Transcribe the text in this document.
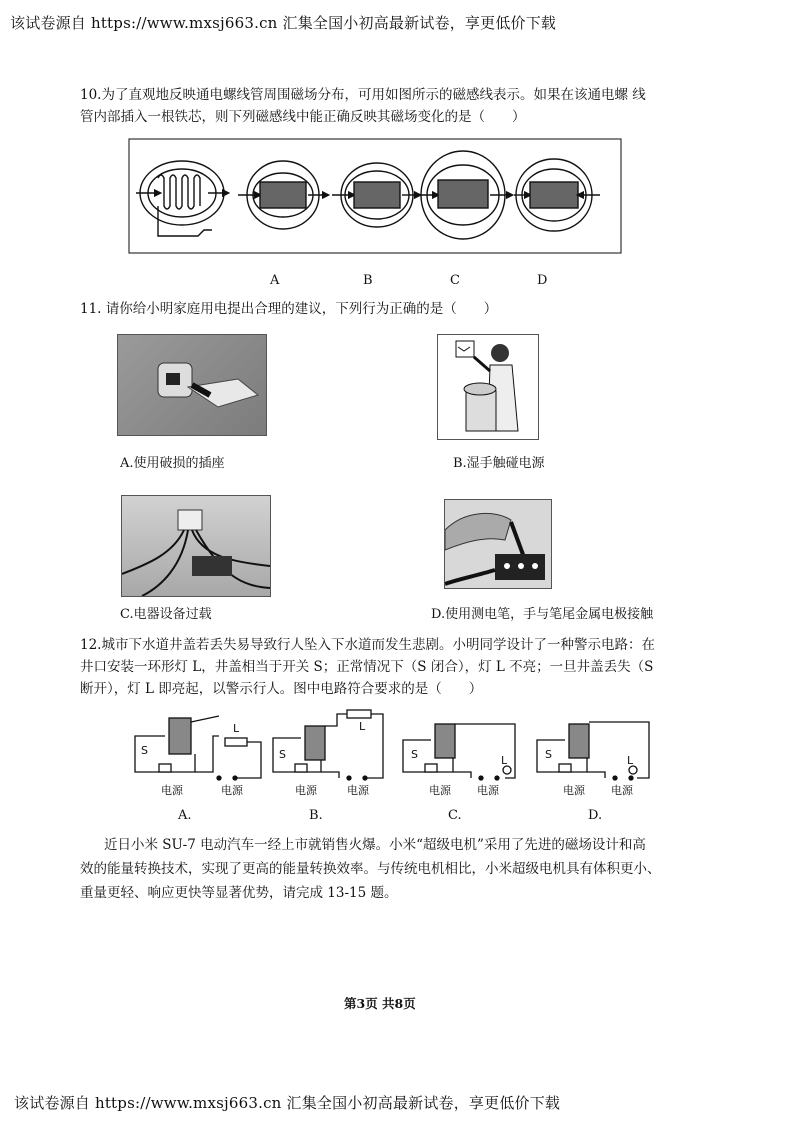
该试卷源自 https://www.mxsj663.cn 汇集全国小初高最新试卷，享更低价下载
10.为了直观地反映通电螺线管周围磁场分布，可用如图所示的磁感线表示。如果在该通电螺 线
管内部插入一根铁芯，则下列磁感线中能正确反映其磁场变化的是（　　）
A	B	C	D
11. 请你给小明家庭用电提出合理的建议，下列行为正确的是（　　）
A.使用破损的插座	B.湿手触碰电源
C.电器设备过载	D.使用测电笔，手与笔尾金属电极接触
12.城市下水道井盖若丢失易导致行人坠入下水道而发生悲剧。小明同学设计了一种警示电路：在
井口安装一环形灯 L，井盖相当于开关 S；正常情况下（S 闭合），灯 L 不亮；一旦井盖丢失（S
断开），灯 L 即亮起，以警示行人。图中电路符合要求的是（　　）
S
L
电源	电源
S
L
电源	电源
S	L
电源 电源
S	L
电源 电源
A.	B.	C.	D.
近日小米 SU-7 电动汽车一经上市就销售火爆。小米“超级电机”采用了先进的磁场设计和高
效的能量转换技术，实现了更高的能量转换效率。与传统电机相比，小米超级电机具有体积更小、
重量更轻、响应更快等显著优势，请完成 13-15 题。
第3页 共8页
该试卷源自 https://www.mxsj663.cn 汇集全国小初高最新试卷，享更低价下载
